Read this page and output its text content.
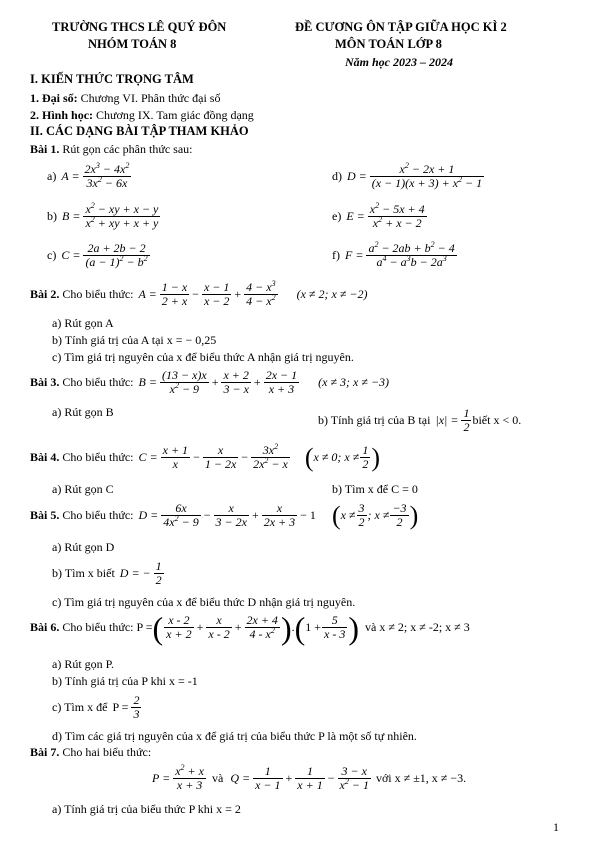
TRƯỜNG THCS LÊ QUÝ ĐÔN
NHÓM TOÁN 8
ĐỀ CƯƠNG ÔN TẬP GIỮA HỌC KÌ 2
MÔN TOÁN LỚP 8
Năm học 2023 – 2024
I. KIẾN THỨC TRỌNG TÂM
1. Đại số: Chương VI. Phân thức đại số
2. Hình học: Chương IX. Tam giác đồng dạng
II. CÁC DẠNG BÀI TẬP THAM KHẢO
Bài 1. Rút gọn các phân thức sau:
a) $A = \frac{2x^3 - 4x^2}{3x^2 - 6x}$	d) $D = \frac{x^2 - 2x + 1}{(x - 1)(x + 3) + x^2 - 1}$
b) $B = \frac{x^2 - xy + x - y}{x^2 + xy + x + y}$	e) $E = \frac{x^2 - 5x + 4}{x^2 + x - 2}$
c) $C = \frac{2a + 2b - 2}{(a - 1)^2 - b^2}$	f) $F = \frac{a^2 - 2ab + b^2 - 4}{a^4 - a^3b - 2a^3}$
Bài 2.
Cho biểu thức: $A = \frac{1 - x}{2 + x} - \frac{x - 1}{x - 2} + \frac{4 - x^3}{4 - x^2} (x \ne 2$; x ≠ −2)
a) Rút gọn A
b) Tính giá trị của A tại x = − 0,25
c) Tìm giá trị nguyên của x để biểu thức A nhận giá trị nguyên.
Bài 3.
Cho biểu thức: $B = \frac{(13 - x)x}{x^2 - 9} + \frac{x + 2}{3 - x} + \frac{2x - 1}{x + 3} (x \ne 3$; x ≠ −3)
a) Rút gọn B
b) Tính giá trị của B tại $|x| = \frac{1}{2}$ biết x < 0.
Bài 4.
Cho biểu thức: $C = \frac{x + 1}{x} - \frac{x}{1 - 2x} - \frac{3x^2}{2x^2 - x}$ ( x ≠ 0; $x \ne \frac{1}{2}$ )
a) Rút gọn C	b) Tìm x để C = 0
Bài 5.
Cho biểu thức: $D = \frac{6x}{4x^2 - 9} - \frac{x}{3 - 2x} + \frac{x}{2x + 3} - 1$ ( $x \ne \frac{3}{2}$ ; $x \ne \frac{-3}{2}$ )
a) Rút gọn D
b) Tìm x biết D = − $\frac{1}{2}$
c) Tìm giá trị nguyên của x để biểu thức D nhận giá trị nguyên.
Bài 6.
Cho biểu thức: P = ( $\frac{x - 2}{x + 2} + \frac{x}{x - 2} + \frac{2x + 4}{4 - x^2}$ ) . ( $1 + \frac{5}{x - 3}$ ) và x ≠ 2; x ≠ -2; x ≠ 3
a) Rút gọn P.
b) Tính giá trị của P khi x = -1
c) Tìm x để $P = \frac{2}{3}$
d) Tìm các giá trị nguyên của x để giá trị của biểu thức P là một số tự nhiên.
Bài 7. Cho hai biểu thức:
$P = \frac{x^2 + x}{x + 3}$ và $Q = \frac{1}{x - 1} + \frac{1}{x + 1} - \frac{3 - x}{x^2 - 1}$ với x ≠ ±1, x ≠ −3.
a) Tính giá trị của biểu thức P khi x = 2
1
